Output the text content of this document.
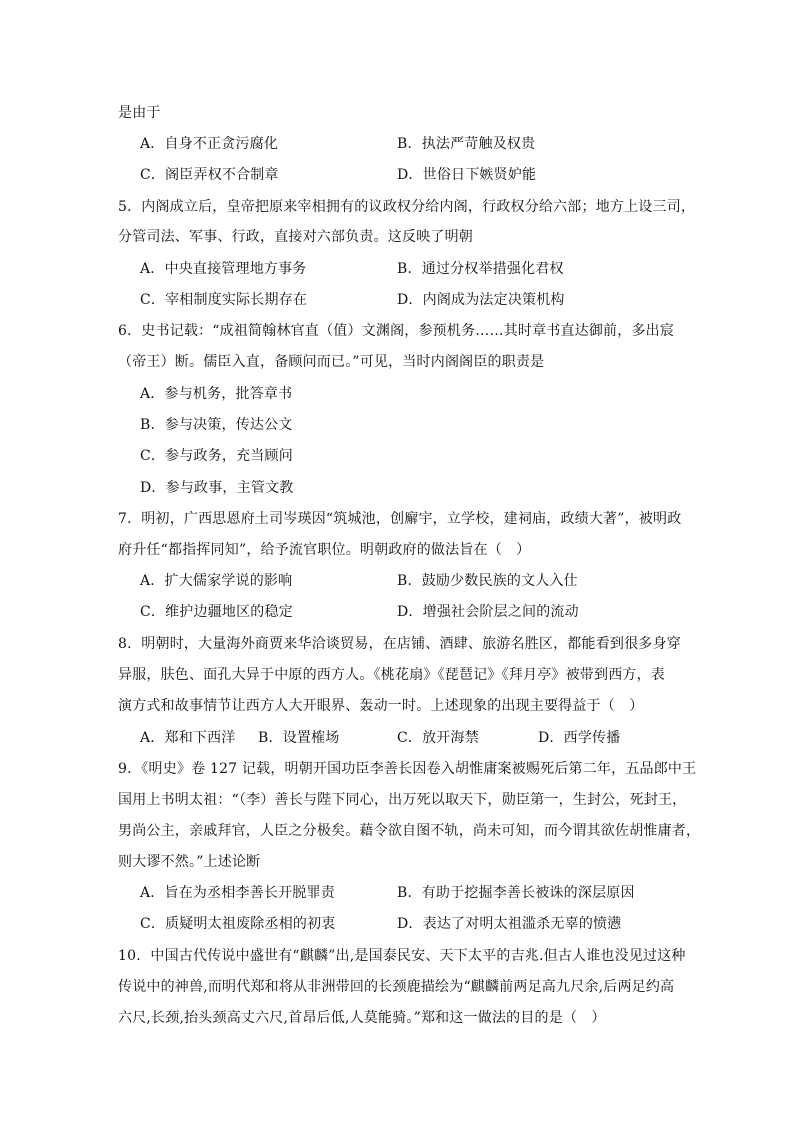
是由于
A．自身不正贪污腐化	B．执法严苛触及权贵
C．阁臣弄权不合制章	D．世俗日下嫉贤妒能
5．内阁成立后，皇帝把原来宰相拥有的议政权分给内阁，行政权分给六部；地方上设三司，
分管司法、军事、行政，直接对六部负责。这反映了明朝
A．中央直接管理地方事务	B．通过分权举措强化君权
C．宰相制度实际长期存在	D．内阁成为法定决策机构
6．史书记载：“成祖简翰林官直（值）文渊阁，参预机务……其时章书直达御前，多出宸
（帝王）断。儒臣入直，备顾问而已。”可见，当时内阁阁臣的职责是
A．参与机务，批答章书
B．参与决策，传达公文
C．参与政务，充当顾问
D．参与政事，主管文教
7．明初，广西思恩府土司岑瑛因“筑城池，创廨宇，立学校，建祠庙，政绩大著”，被明政
府升任“都指挥同知”，给予流官职位。明朝政府的做法旨在（　）
A．扩大儒家学说的影响	B．鼓励少数民族的文人入仕
C．维护边疆地区的稳定	D．增强社会阶层之间的流动
8．明朝时，大量海外商贾来华洽谈贸易，在店铺、酒肆、旅游名胜区，都能看到很多身穿
异服，肤色、面孔大异于中原的西方人。《桃花扇》《琵琶记》《拜月亭》被带到西方，表
演方式和故事情节让西方人大开眼界、轰动一时。上述现象的出现主要得益于（　）
A．郑和下西洋 B．设置榷场	C．放开海禁	D．西学传播
9．《明史》卷 127 记载，明朝开国功臣李善长因卷入胡惟庸案被赐死后第二年，五品郎中王
国用上书明太祖：“（李）善长与陛下同心，出万死以取天下，勋臣第一，生封公，死封王，
男尚公主，亲戚拜官，人臣之分极矣。藉令欲自图不轨，尚未可知，而今谓其欲佐胡惟庸者，
则大谬不然。”上述论断
A．旨在为丞相李善长开脱罪责	B．有助于挖掘李善长被诛的深层原因
C．质疑明太祖废除丞相的初衷	D．表达了对明太祖滥杀无辜的愤懑
10．中国古代传说中盛世有“麒麟”出,是国泰民安、天下太平的吉兆.但古人谁也没见过这种
传说中的神兽,而明代郑和将从非洲带回的长颈鹿描绘为“麒麟前两足高九尺余,后两足约高
六尺,长颈,抬头颈高丈六尺,首昂后低,人莫能骑。”郑和这一做法的目的是（　）
